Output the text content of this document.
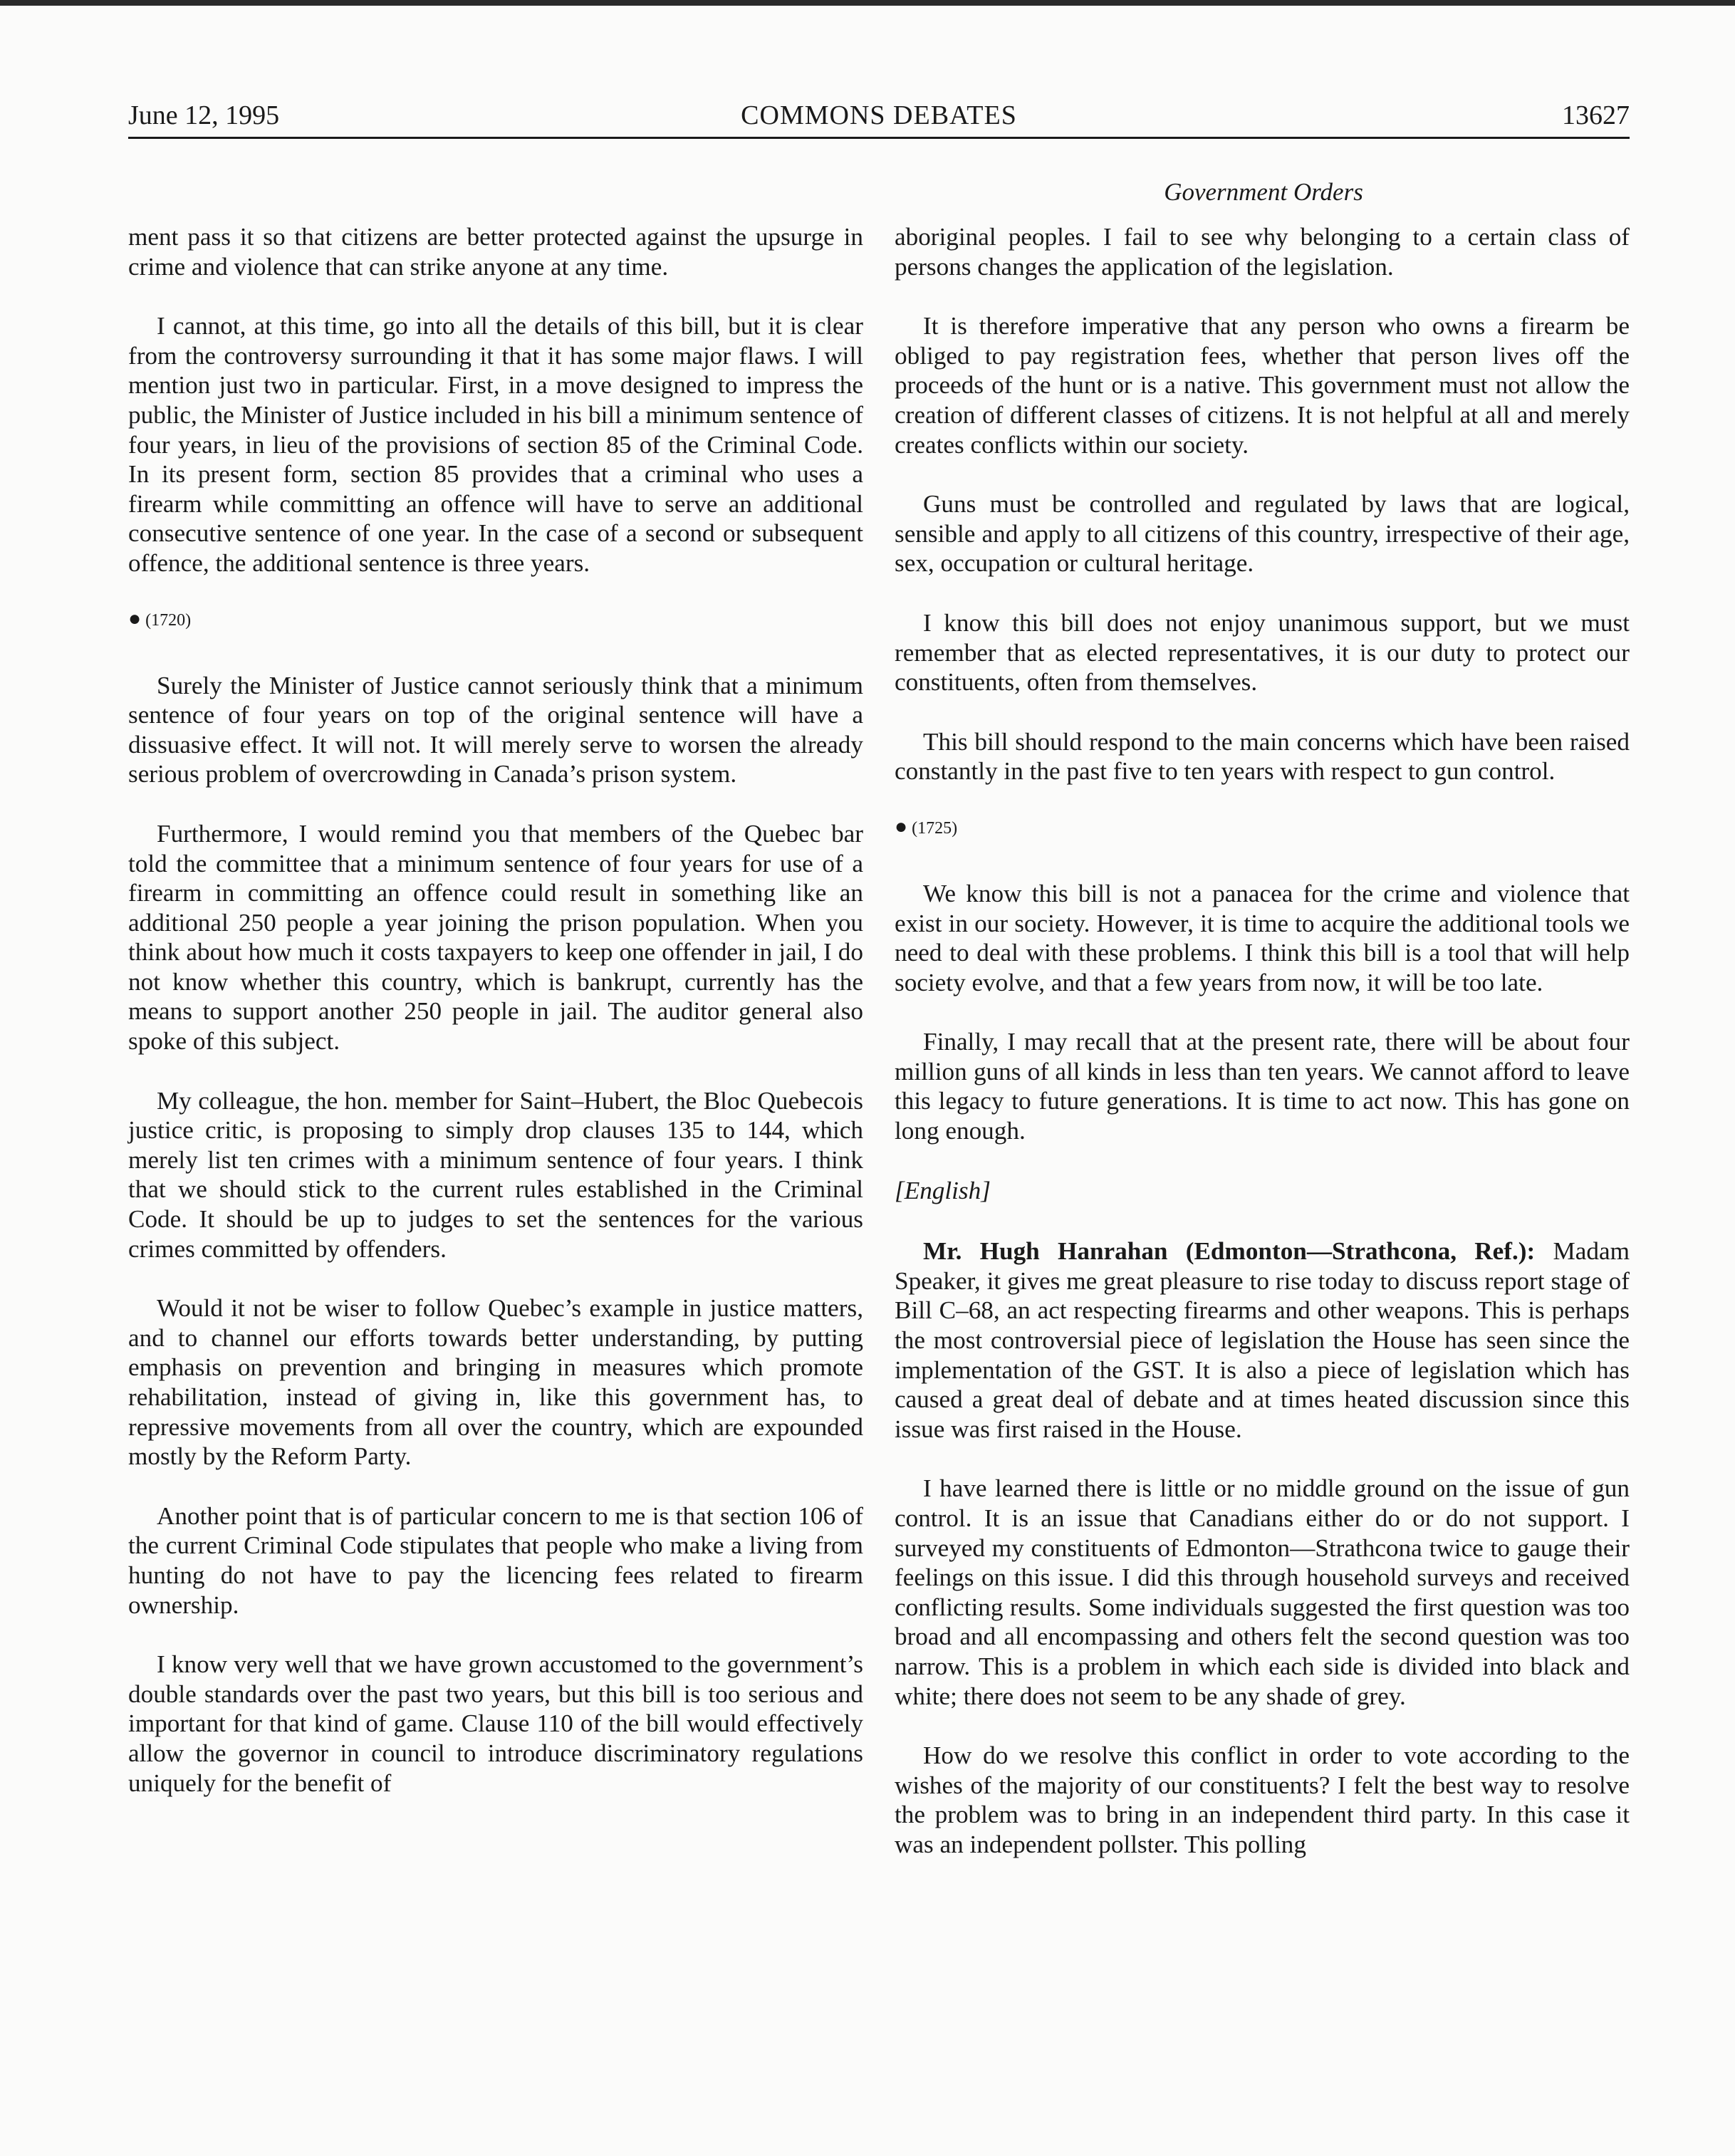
June 12, 1995	COMMONS DEBATES	13627
Government Orders

ment pass it so that citizens are better protected against the upsurge in crime and violence that can strike anyone at any time.

I cannot, at this time, go into all the details of this bill, but it is clear from the controversy surrounding it that it has some major flaws. I will mention just two in particular. First, in a move designed to impress the public, the Minister of Justice included in his bill a minimum sentence of four years, in lieu of the provisions of section 85 of the Criminal Code. In its present form, section 85 provides that a criminal who uses a firearm while committing an offence will have to serve an additional consecutive sentence of one year. In the case of a second or subsequent offence, the additional sentence is three years.

● (1720)

Surely the Minister of Justice cannot seriously think that a minimum sentence of four years on top of the original sentence will have a dissuasive effect. It will not. It will merely serve to worsen the already serious problem of overcrowding in Canada’s prison system.

Furthermore, I would remind you that members of the Quebec bar told the committee that a minimum sentence of four years for use of a firearm in committing an offence could result in something like an additional 250 people a year joining the prison population. When you think about how much it costs taxpayers to keep one offender in jail, I do not know whether this country, which is bankrupt, currently has the means to support another 250 people in jail. The auditor general also spoke of this subject.

My colleague, the hon. member for Saint–Hubert, the Bloc Quebecois justice critic, is proposing to simply drop clauses 135 to 144, which merely list ten crimes with a minimum sentence of four years. I think that we should stick to the current rules established in the Criminal Code. It should be up to judges to set the sentences for the various crimes committed by offenders.

Would it not be wiser to follow Quebec’s example in justice matters, and to channel our efforts towards better understanding, by putting emphasis on prevention and bringing in measures which promote rehabilitation, instead of giving in, like this government has, to repressive movements from all over the country, which are expounded mostly by the Reform Party.

Another point that is of particular concern to me is that section 106 of the current Criminal Code stipulates that people who make a living from hunting do not have to pay the licencing fees related to firearm ownership.

I know very well that we have grown accustomed to the government’s double standards over the past two years, but this bill is too serious and important for that kind of game. Clause 110 of the bill would effectively allow the governor in council to introduce discriminatory regulations uniquely for the benefit of

aboriginal peoples. I fail to see why belonging to a certain class of persons changes the application of the legislation.

It is therefore imperative that any person who owns a firearm be obliged to pay registration fees, whether that person lives off the proceeds of the hunt or is a native. This government must not allow the creation of different classes of citizens. It is not helpful at all and merely creates conflicts within our society.

Guns must be controlled and regulated by laws that are logical, sensible and apply to all citizens of this country, irrespective of their age, sex, occupation or cultural heritage.

I know this bill does not enjoy unanimous support, but we must remember that as elected representatives, it is our duty to protect our constituents, often from themselves.

This bill should respond to the main concerns which have been raised constantly in the past five to ten years with respect to gun control.

● (1725)

We know this bill is not a panacea for the crime and violence that exist in our society. However, it is time to acquire the additional tools we need to deal with these problems. I think this bill is a tool that will help society evolve, and that a few years from now, it will be too late.

Finally, I may recall that at the present rate, there will be about four million guns of all kinds in less than ten years. We cannot afford to leave this legacy to future generations. It is time to act now. This has gone on long enough.

[English]

Mr. Hugh Hanrahan (Edmonton—Strathcona, Ref.): Madam Speaker, it gives me great pleasure to rise today to discuss report stage of Bill C–68, an act respecting firearms and other weapons. This is perhaps the most controversial piece of legislation the House has seen since the implementation of the GST. It is also a piece of legislation which has caused a great deal of debate and at times heated discussion since this issue was first raised in the House.

I have learned there is little or no middle ground on the issue of gun control. It is an issue that Canadians either do or do not support. I surveyed my constituents of Edmonton—Strathcona twice to gauge their feelings on this issue. I did this through household surveys and received conflicting results. Some individuals suggested the first question was too broad and all encompassing and others felt the second question was too narrow. This is a problem in which each side is divided into black and white; there does not seem to be any shade of grey.

How do we resolve this conflict in order to vote according to the wishes of the majority of our constituents? I felt the best way to resolve the problem was to bring in an independent third party. In this case it was an independent pollster. This polling
